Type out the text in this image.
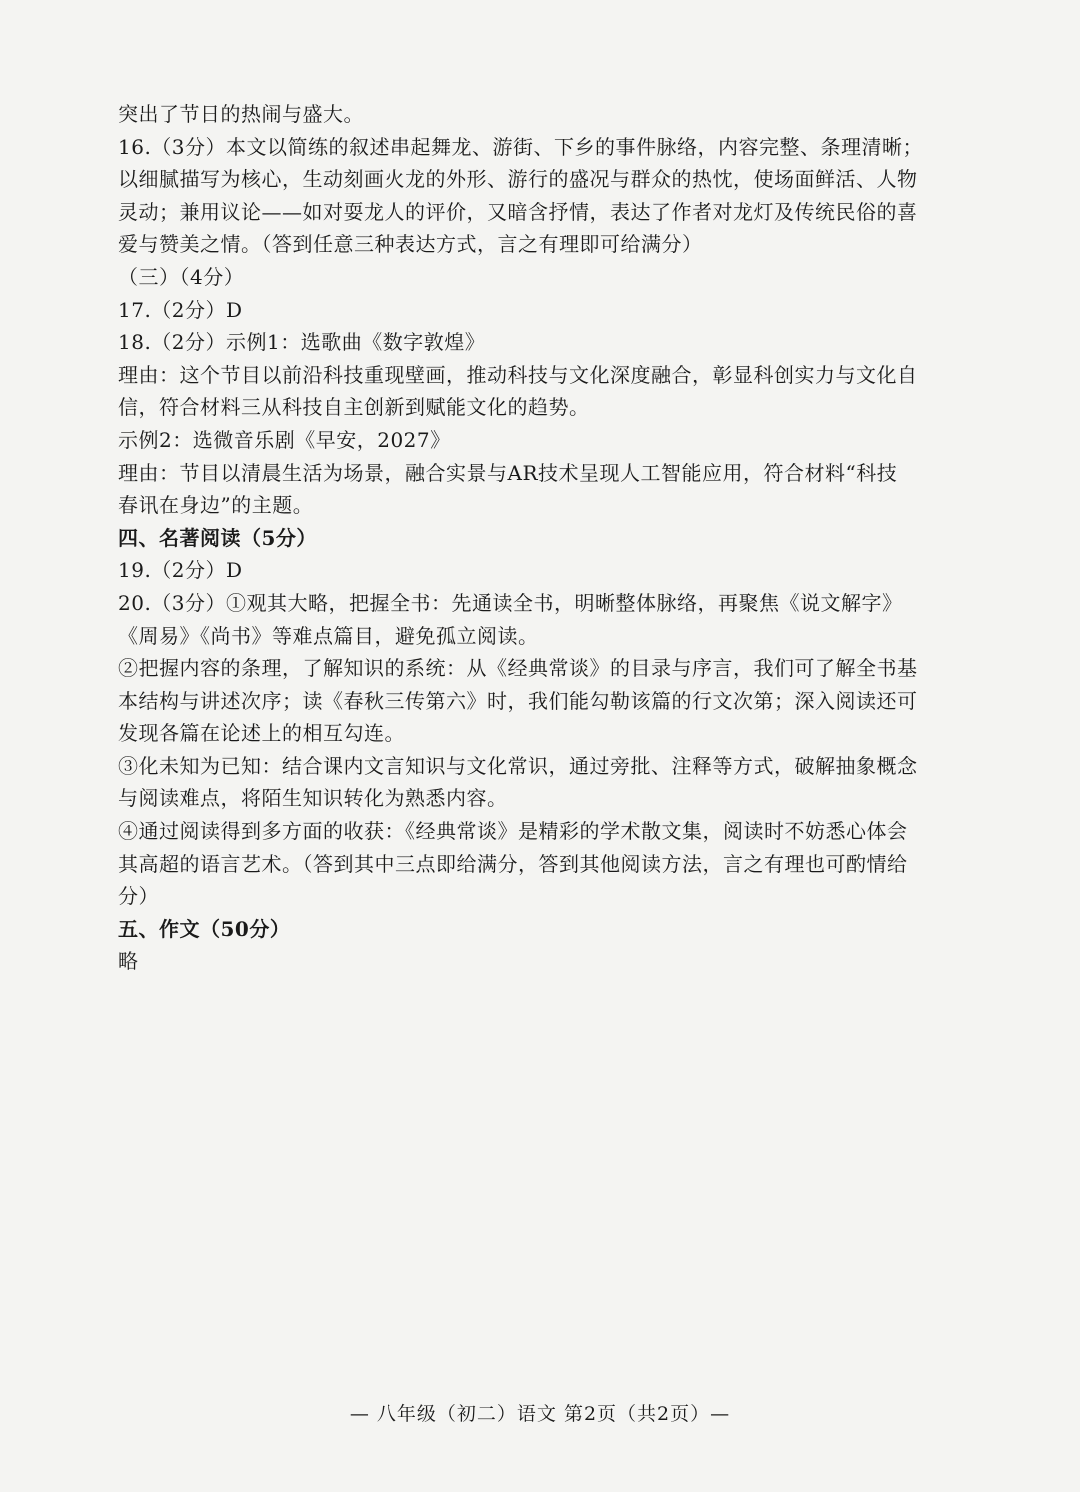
突出了节日的热闹与盛大。
16.（3分）本文以简练的叙述串起舞龙、游街、下乡的事件脉络，内容完整、条理清晰；
以细腻描写为核心，生动刻画火龙的外形、游行的盛况与群众的热忱，使场面鲜活、人物
灵动；兼用议论——如对耍龙人的评价，又暗含抒情，表达了作者对龙灯及传统民俗的喜
爱与赞美之情。（答到任意三种表达方式，言之有理即可给满分）
（三）（4分）
17.（2分）D
18.（2分）示例1：选歌曲《数字敦煌》
理由：这个节目以前沿科技重现壁画，推动科技与文化深度融合，彰显科创实力与文化自
信，符合材料三从科技自主创新到赋能文化的趋势。
示例2：选微音乐剧《早安，2027》
理由：节目以清晨生活为场景，融合实景与AR技术呈现人工智能应用，符合材料“科技
春讯在身边”的主题。
四、名著阅读（5分）
19.（2分）D
20.（3分）①观其大略，把握全书：先通读全书，明晰整体脉络，再聚焦《说文解字》
《周易》《尚书》等难点篇目，避免孤立阅读。
②把握内容的条理，了解知识的系统：从《经典常谈》的目录与序言，我们可了解全书基
本结构与讲述次序；读《春秋三传第六》时，我们能勾勒该篇的行文次第；深入阅读还可
发现各篇在论述上的相互勾连。
③化未知为已知：结合课内文言知识与文化常识，通过旁批、注释等方式，破解抽象概念
与阅读难点，将陌生知识转化为熟悉内容。
④通过阅读得到多方面的收获：《经典常谈》是精彩的学术散文集，阅读时不妨悉心体会
其高超的语言艺术。（答到其中三点即给满分，答到其他阅读方法，言之有理也可酌情给
分）
五、作文（50分）
略
— 八年级（初二）语文 第2页（共2页）—
